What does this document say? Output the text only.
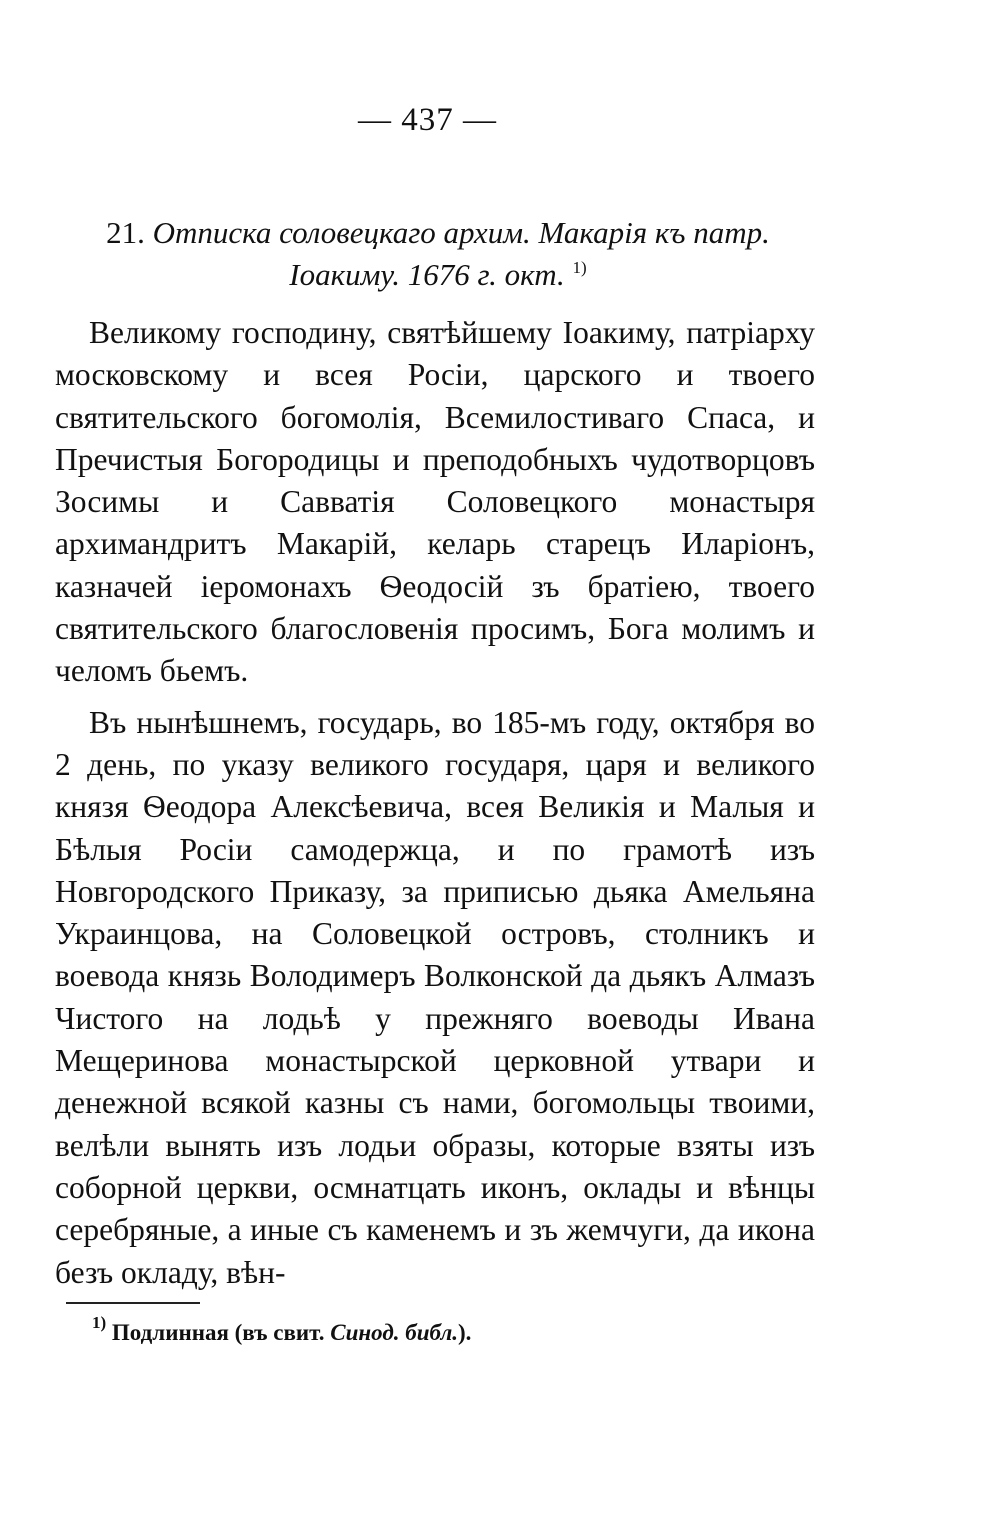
— 437 —
21. Отписка соловецкаго архим. Макарія къ патр. Іоакиму. 1676 г. окт. $^{1)}$

Великому господину, святѣйшему Іоакиму, патріарху московскому и всея Росіи, царского и твоего святительского богомолія, Всемилостиваго Спаса, и Пречистыя Богородицы и преподобныхъ чудотворцовъ Зосимы и Савватія Соловецкого монастыря архимандритъ Макарій, келарь старецъ Иларіонъ, казначей іеромонахъ Ѳеодосій зъ братіею, твоего святительского благословенія просимъ, Бога молимъ и челомъ бьемъ.

Въ нынѣшнемъ, государь, во 185-мъ году, октября во 2 день, по указу великого государя, царя и великого князя Ѳеодора Алексѣевича, всея Великія и Малыя и Бѣлыя Росіи самодержца, и по грамотѣ изъ Новгородского Приказу, за приписью дьяка Амельяна Украинцова, на Соловецкой островъ, столникъ и воевода князь Володимеръ Волконской да дьякъ Алмазъ Чистого на лодьѣ у прежняго воеводы Ивана Мещеринова монастырской церковной утвари и денежной всякой казны съ нами, богомольцы твоими, велѣли вынять изъ лодьи образы, которые взяты изъ соборной церкви, осмнатцать иконъ, оклады и вѣнцы серебряные, а иные съ каменемъ и зъ жемчуги, да икона безъ окладу, вѣн-

$^{1)}$ Подлинная (въ свит. Синод. библ.).
